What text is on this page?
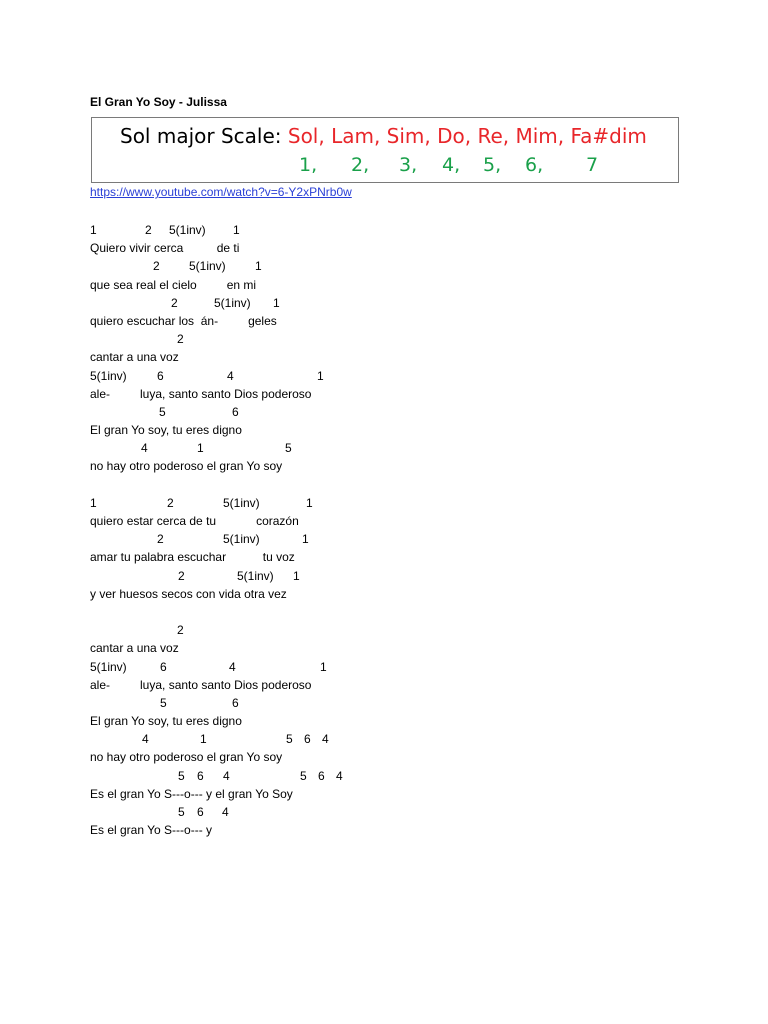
El Gran Yo Soy - Julissa
Sol major Scale: Sol, Lam, Sim, Do, Re, Mim, Fa#dim
1, 2, 3, 4, 5, 6, 7
https://www.youtube.com/watch?v=6-Y2xPNrb0w

1

	2

5(1inv)

1

Quiero vivir cerca          de ti

2

5(1inv)

1

que sea real el cielo         en mi

2

	5(1inv)

1

quiero escuchar los  án-         geles

2

cantar a una voz

5(1inv)

	6

	4

	1

ale-         luya, santo santo Dios poderoso

5

	6

El gran Yo soy, tu eres digno

4

	1

	5

no hay otro poderoso el gran Yo soy

1

	2

	5(1inv)

	1

quiero estar cerca de tu            corazón

2

	5(1inv)

	1

amar tu palabra escuchar           tu voz

2

	5(1inv)

1

y ver huesos secos con vida otra vez

2

cantar a una voz

5(1inv)

	6

	4

	1

ale-         luya, santo santo Dios poderoso

5

	6

El gran Yo soy, tu eres digno

4

	1

	5

6

4

no hay otro poderoso el gran Yo soy

5

6

4

	5

6

4

Es el gran Yo S---o--- y el gran Yo Soy

5

6

4

Es el gran Yo S---o--- y
